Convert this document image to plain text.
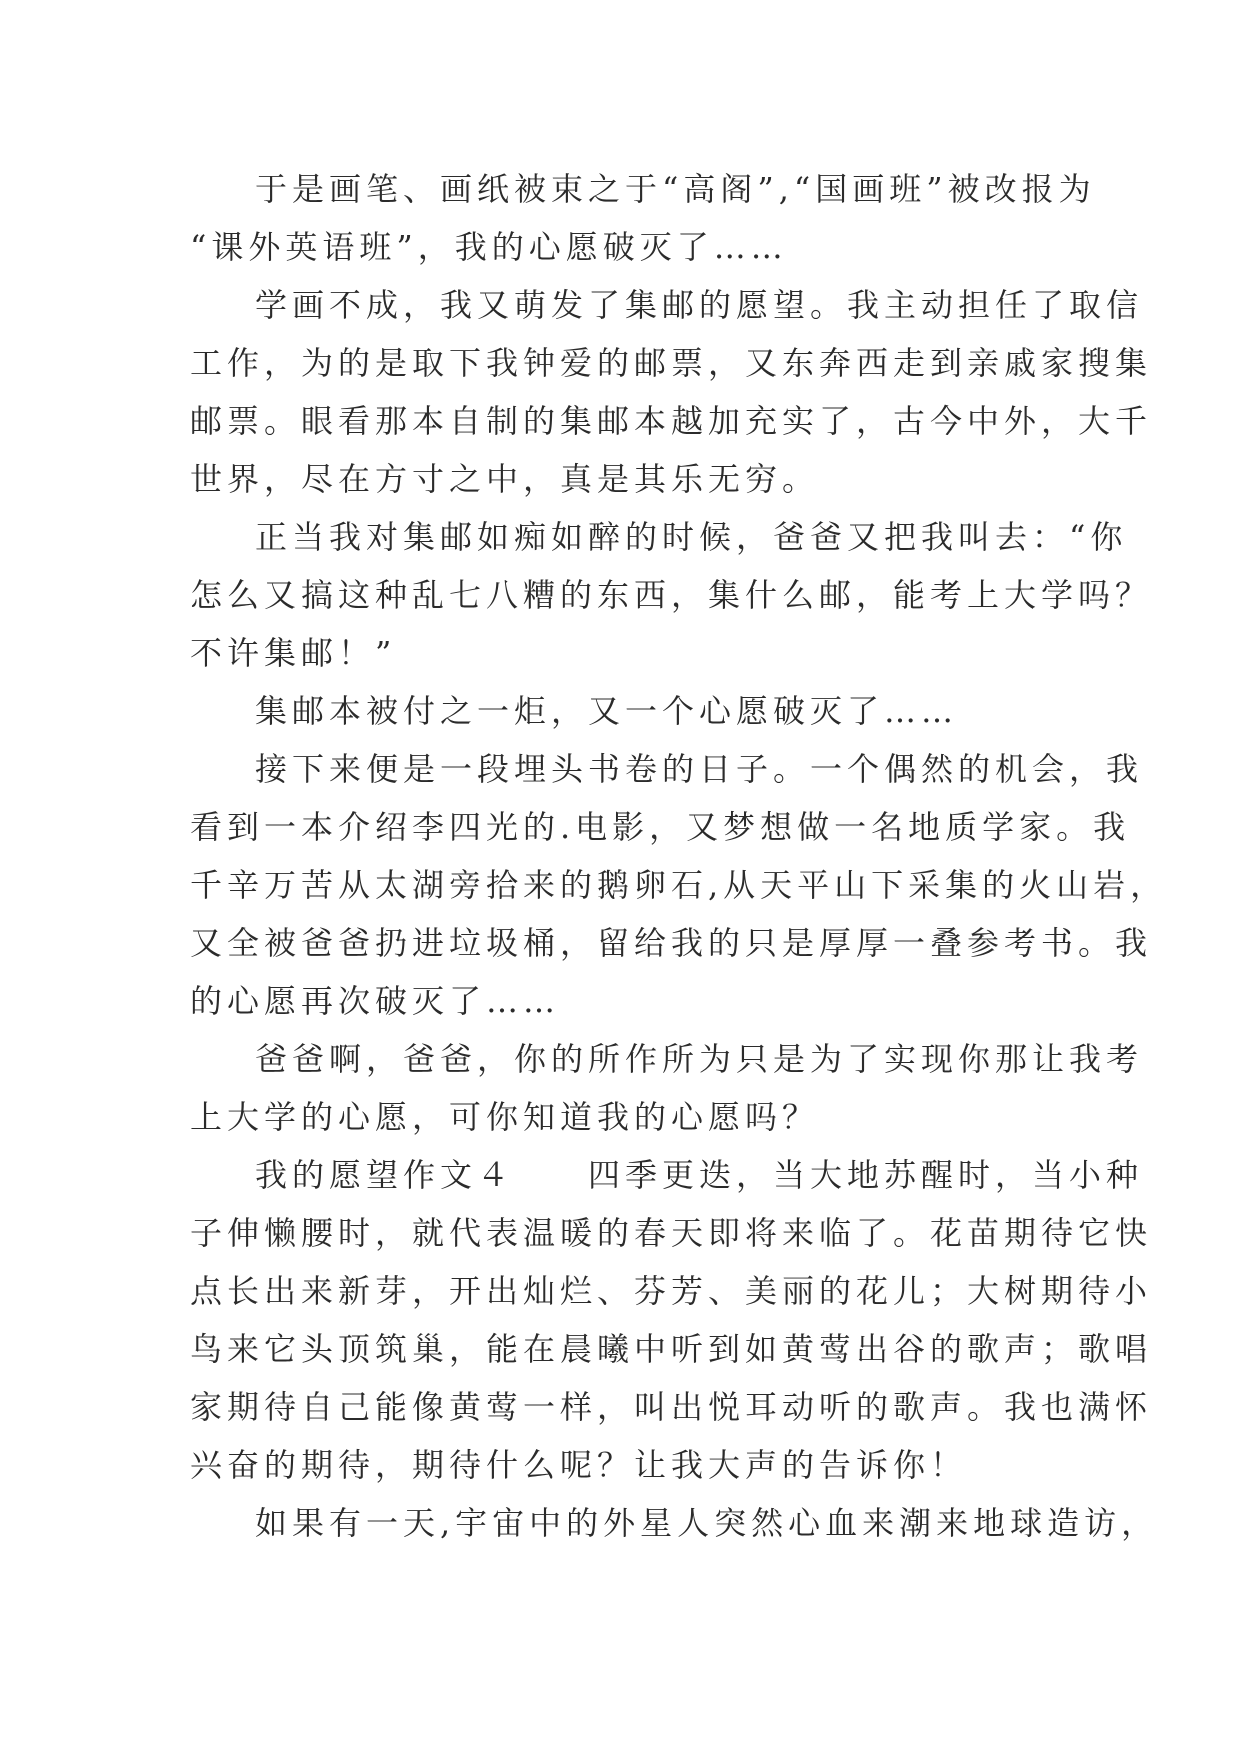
于是画笔、画纸被束之于“高阁”,“国画班”被改报为
“课外英语班”，我的心愿破灭了……
学画不成，我又萌发了集邮的愿望。我主动担任了取信
工作，为的是取下我钟爱的邮票，又东奔西走到亲戚家搜集
邮票。眼看那本自制的集邮本越加充实了，古今中外，大千
世界，尽在方寸之中，真是其乐无穷。
正当我对集邮如痴如醉的时候，爸爸又把我叫去：“你
怎么又搞这种乱七八糟的东西，集什么邮，能考上大学吗？
不许集邮！”
集邮本被付之一炬，又一个心愿破灭了……
接下来便是一段埋头书卷的日子。一个偶然的机会，我
看到一本介绍李四光的.电影，又梦想做一名地质学家。我
千辛万苦从太湖旁拾来的鹅卵石,从天平山下采集的火山岩，
又全被爸爸扔进垃圾桶，留给我的只是厚厚一叠参考书。我
的心愿再次破灭了……
爸爸啊，爸爸，你的所作所为只是为了实现你那让我考
上大学的心愿，可你知道我的心愿吗？
我的愿望作文４　　四季更迭，当大地苏醒时，当小种
子伸懒腰时，就代表温暖的春天即将来临了。花苗期待它快
点长出来新芽，开出灿烂、芬芳、美丽的花儿；大树期待小
鸟来它头顶筑巢，能在晨曦中听到如黄莺出谷的歌声；歌唱
家期待自己能像黄莺一样，叫出悦耳动听的歌声。我也满怀
兴奋的期待，期待什么呢？让我大声的告诉你！
如果有一天,宇宙中的外星人突然心血来潮来地球造访，
